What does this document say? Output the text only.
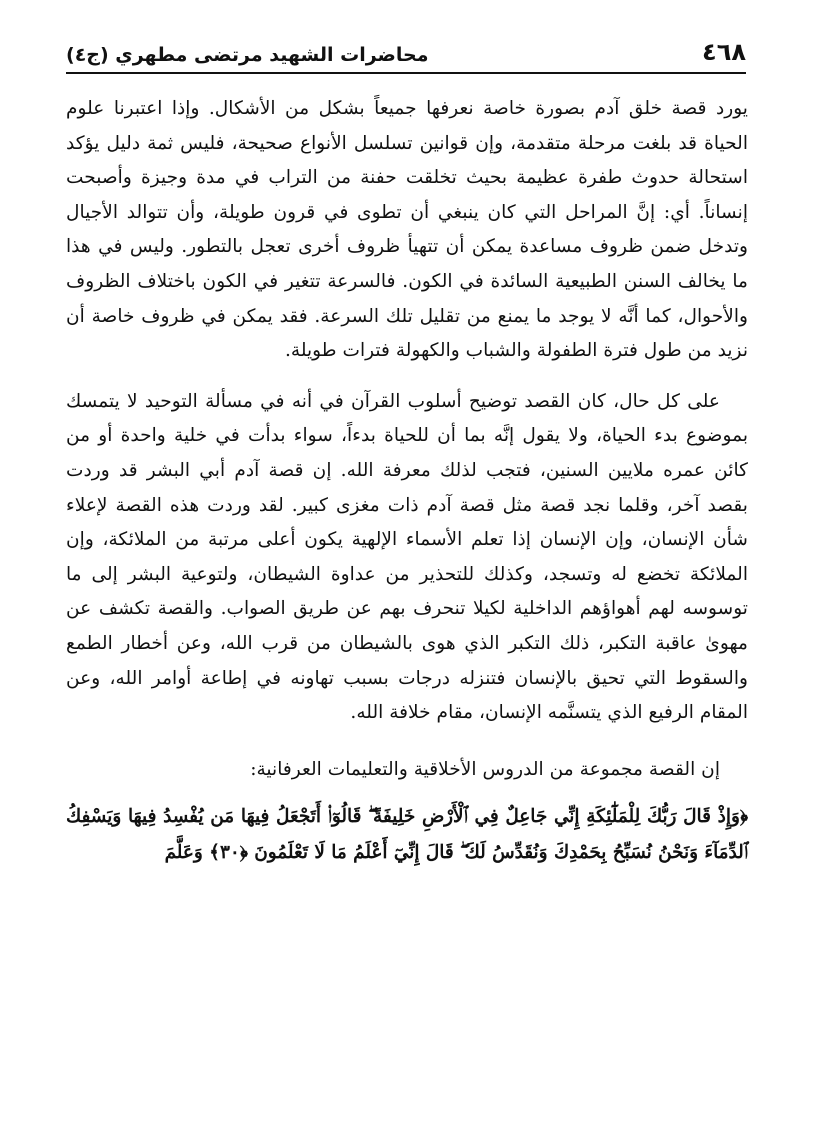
٤٦٨
محاضرات الشهيد مرتضى مطهري (ج٤)

يورد قصة خلق آدم بصورة خاصة نعرفها جميعاً بشكل من الأشكال. وإذا اعتبرنا علوم الحياة قد بلغت مرحلة متقدمة، وإن قوانين تسلسل الأنواع صحيحة، فليس ثمة دليل يؤكد استحالة حدوث طفرة عظيمة بحيث تخلقت حفنة من التراب في مدة وجيزة وأصبحت إنساناً. أي: إنَّ المراحل التي كان ينبغي أن تطوى في قرون طويلة، وأن تتوالد الأجيال وتدخل ضمن ظروف مساعدة يمكن أن تتهيأ ظروف أخرى تعجل بالتطور. وليس في هذا ما يخالف السنن الطبيعية السائدة في الكون. فالسرعة تتغير في الكون باختلاف الظروف والأحوال، كما أنَّه لا يوجد ما يمنع من تقليل تلك السرعة. فقد يمكن في ظروف خاصة أن نزيد من طول فترة الطفولة والشباب والكهولة فترات طويلة.

على كل حال، كان القصد توضيح أسلوب القرآن في أنه في مسألة التوحيد لا يتمسك بموضوع بدء الحياة، ولا يقول إنَّه بما أن للحياة بدءاً، سواء بدأت في خلية واحدة أو من كائن عمره ملايين السنين، فتجب لذلك معرفة الله. إن قصة آدم أبي البشر قد وردت بقصد آخر، وقلما نجد قصة مثل قصة آدم ذات مغزى كبير. لقد وردت هذه القصة لإعلاء شأن الإنسان، وإن الإنسان إذا تعلم الأسماء الإلهية يكون أعلى مرتبة من الملائكة، وإن الملائكة تخضع له وتسجد، وكذلك للتحذير من عداوة الشيطان، ولتوعية البشر إلى ما توسوسه لهم أهواؤهم الداخلية لكيلا تنحرف بهم عن طريق الصواب. والقصة تكشف عن مهوىٰ عاقبة التكبر، ذلك التكبر الذي هوى بالشيطان من قرب الله، وعن أخطار الطمع والسقوط التي تحيق بالإنسان فتنزله درجات بسبب تهاونه في إطاعة أوامر الله، وعن المقام الرفيع الذي يتسنَّمه الإنسان، مقام خلافة الله.

إن القصة مجموعة من الدروس الأخلاقية والتعليمات العرفانية:

﴿وَإِذْ قَالَ رَبُّكَ لِلْمَلَٰٓئِكَةِ إِنِّي جَاعِلٌ فِي ٱلْأَرْضِ خَلِيفَةً ۖ قَالُوٓا۟ أَتَجْعَلُ فِيهَا مَن يُفْسِدُ فِيهَا وَيَسْفِكُ ٱلدِّمَآءَ وَنَحْنُ نُسَبِّحُ بِحَمْدِكَ وَنُقَدِّسُ لَكَ ۖ قَالَ إِنِّيٓ أَعْلَمُ مَا لَا تَعْلَمُونَ ﴿٣٠﴾ وَعَلَّمَ
